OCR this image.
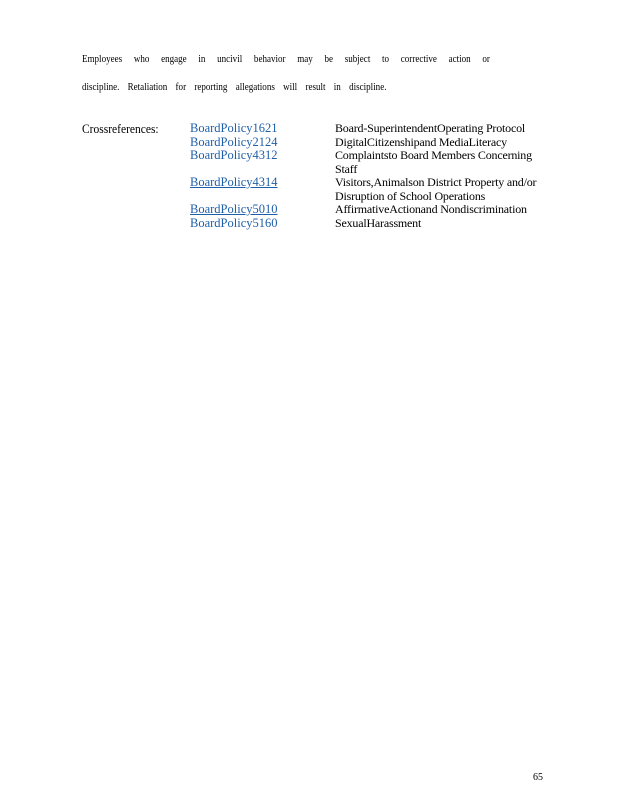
Employees who engage in uncivil behavior may be subject to corrective action or
discipline. Retaliation for reporting allegations will result in discipline.
Crossreferences:	BoardPolicy1621	Board-SuperintendentOperating Protocol
BoardPolicy2124	DigitalCitizenshipand MediaLiteracy
BoardPolicy4312	Complaintsto Board Members Concerning Staff
BoardPolicy4314	Visitors,Animalson District Property and/or Disruption of School Operations
BoardPolicy5010	AffirmativeActionand Nondiscrimination
BoardPolicy5160	SexualHarassment
65
